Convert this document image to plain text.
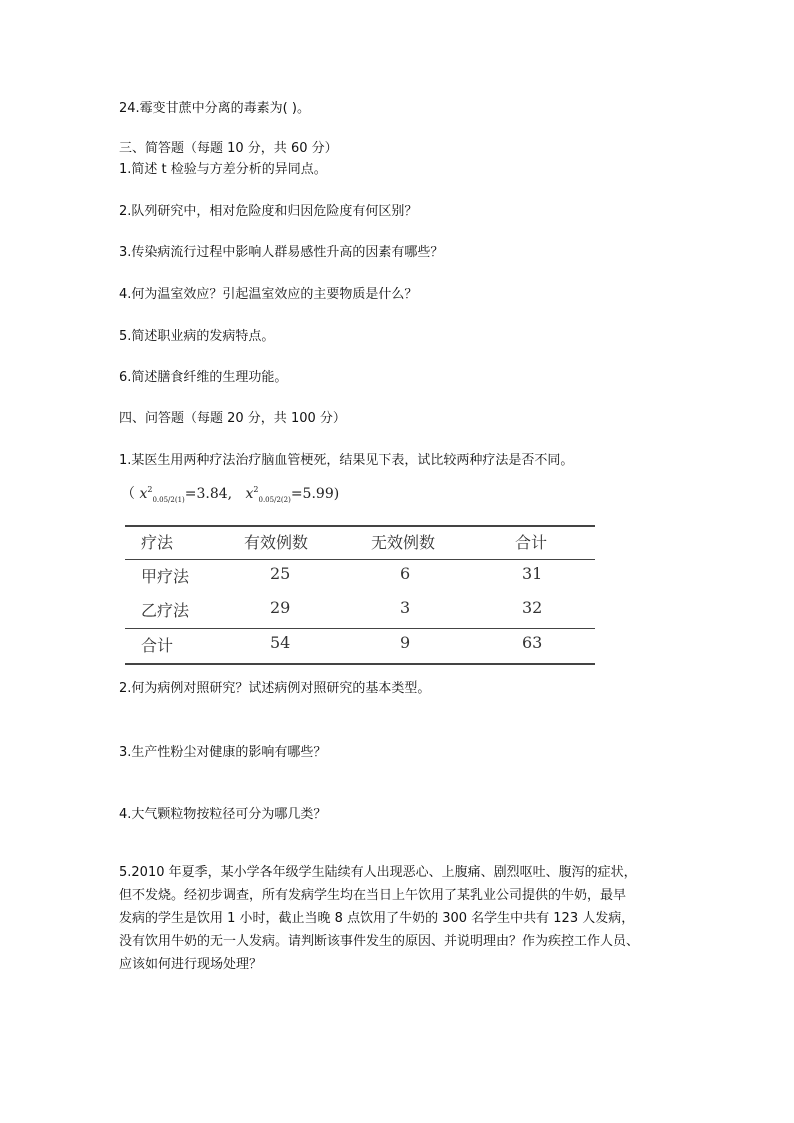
24.霉变甘蔗中分离的毒素为( )。
三、简答题（每题 10 分，共 60 分）
1.简述 t 检验与方差分析的异同点。
2.队列研究中，相对危险度和归因危险度有何区别？
3.传染病流行过程中影响人群易感性升高的因素有哪些？
4.何为温室效应？引起温室效应的主要物质是什么？
5.简述职业病的发病特点。
6.简述膳食纤维的生理功能。
四、问答题（每题 20 分，共 100 分）
1.某医生用两种疗法治疗脑血管梗死，结果见下表，试比较两种疗法是否不同。
（ $x^2_{0.05/2(1)}=3.84$, $x^2_{0.05/2(2)}=5.99$)
疗法	有效例数	无效例数	合计
甲疗法	25	6	31
乙疗法	29	3	32
合计	54	9	63
2.何为病例对照研究？试述病例对照研究的基本类型。
3.生产性粉尘对健康的影响有哪些？
4.大气颗粒物按粒径可分为哪几类？
5.2010 年夏季，某小学各年级学生陆续有人出现恶心、上腹痛、剧烈呕吐、腹泻的症状，
但不发烧。经初步调查，所有发病学生均在当日上午饮用了某乳业公司提供的牛奶，最早
发病的学生是饮用 1 小时，截止当晚 8 点饮用了牛奶的 300 名学生中共有 123 人发病，
没有饮用牛奶的无一人发病。请判断该事件发生的原因、并说明理由？作为疾控工作人员、
应该如何进行现场处理？
